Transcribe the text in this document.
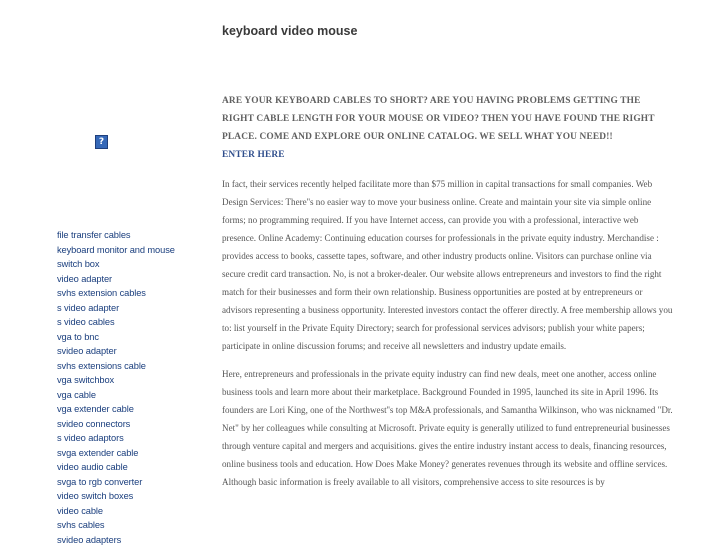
keyboard video mouse
ARE YOUR KEYBOARD CABLES TO SHORT? ARE YOU HAVING PROBLEMS GETTING THE RIGHT CABLE LENGTH FOR YOUR MOUSE OR VIDEO? THEN YOU HAVE FOUND THE RIGHT PLACE. COME AND EXPLORE OUR ONLINE CATALOG. WE SELL WHAT YOU NEED!!
ENTER HERE
?
file transfer cables
keyboard monitor and mouse
switch box
video adapter
svhs extension cables
s video adapter
s video cables
vga to bnc
svideo adapter
svhs extensions cable
vga switchbox
vga cable
vga extender cable
svideo connectors
s video adaptors
svga extender cable
video audio cable
svga to rgb converter
video switch boxes
video cable
svhs cables
svideo adapters

In fact, their services recently helped facilitate more than $75 million in capital transactions for small companies. Web Design Services: There''s no easier way to move your business online. Create and maintain your site via simple online forms; no programming required. If you have Internet access, can provide you with a professional, interactive web presence. Online Academy: Continuing education courses for professionals in the private equity industry. Merchandise : provides access to books, cassette tapes, software, and other industry products online. Visitors can purchase online via secure credit card transaction. No, is not a broker-dealer. Our website allows entrepreneurs and investors to find the right match for their businesses and form their own relationship. Business opportunities are posted at by entrepreneurs or advisors representing a business opportunity. Interested investors contact the offerer directly. A free membership allows you to: list yourself in the Private Equity Directory; search for professional services advisors; publish your white papers; participate in online discussion forums; and receive all newsletters and industry update emails.

Here, entrepreneurs and professionals in the private equity industry can find new deals, meet one another, access online business tools and learn more about their marketplace. Background Founded in 1995, launched its site in April 1996. Its founders are Lori King, one of the Northwest''s top M&A professionals, and Samantha Wilkinson, who was nicknamed "Dr. Net" by her colleagues while consulting at Microsoft. Private equity is generally utilized to fund entrepreneurial businesses through venture capital and mergers and acquisitions. gives the entire industry instant access to deals, financing resources, online business tools and education. How Does Make Money? generates revenues through its website and offline services. Although basic information is freely available to all visitors, comprehensive access to site resources is by
